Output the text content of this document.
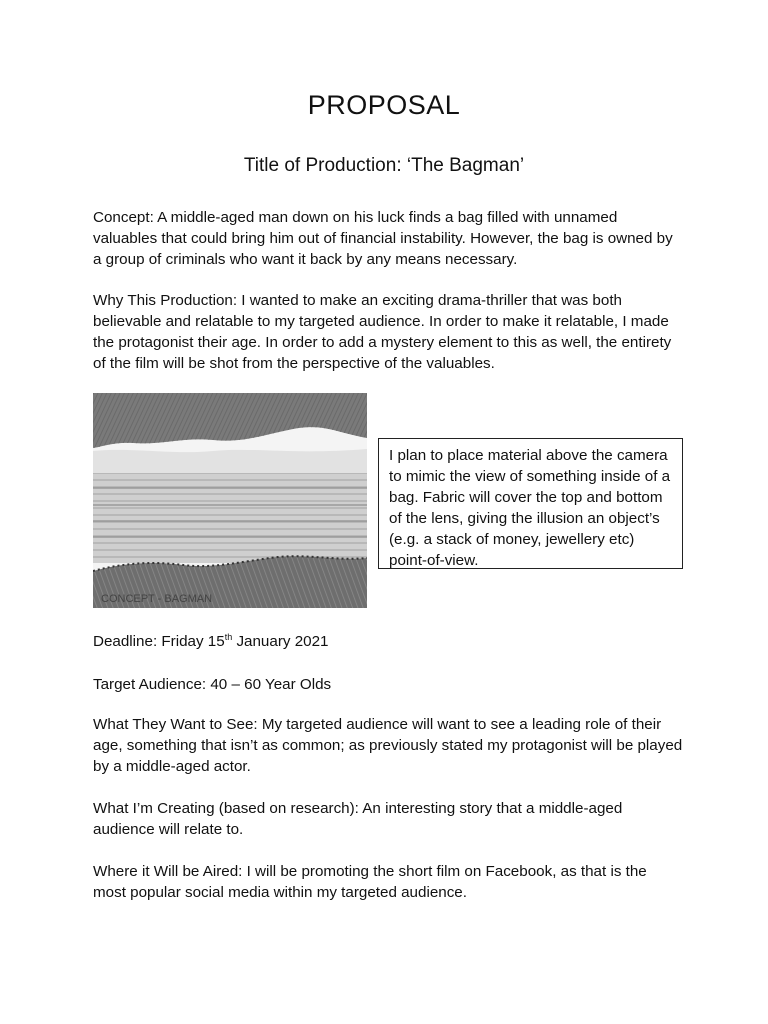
PROPOSAL
Title of Production: ‘The Bagman’

Concept: A middle-aged man down on his luck finds a bag filled with unnamed valuables that could bring him out of financial instability. However, the bag is owned by a group of criminals who want it back by any means necessary.

Why This Production: I wanted to make an exciting drama-thriller that was both believable and relatable to my targeted audience. In order to make it relatable, I made the protagonist their age. In order to add a mystery element to this as well, the entirety of the film will be shot from the perspective of the valuables.

CONCEPT - BAGMAN

I plan to place material above the camera to mimic the view of something inside of a bag. Fabric will cover the top and bottom of the lens, giving the illusion an object’s (e.g. a stack of money, jewellery etc) point-of-view.

Deadline: Friday 15th January 2021

Target Audience: 40 – 60 Year Olds

What They Want to See: My targeted audience will want to see a leading role of their age, something that isn’t as common; as previously stated my protagonist will be played by a middle-aged actor.

What I’m Creating (based on research): An interesting story that a middle-aged audience will relate to.

Where it Will be Aired: I will be promoting the short film on Facebook, as that is the most popular social media within my targeted audience.
